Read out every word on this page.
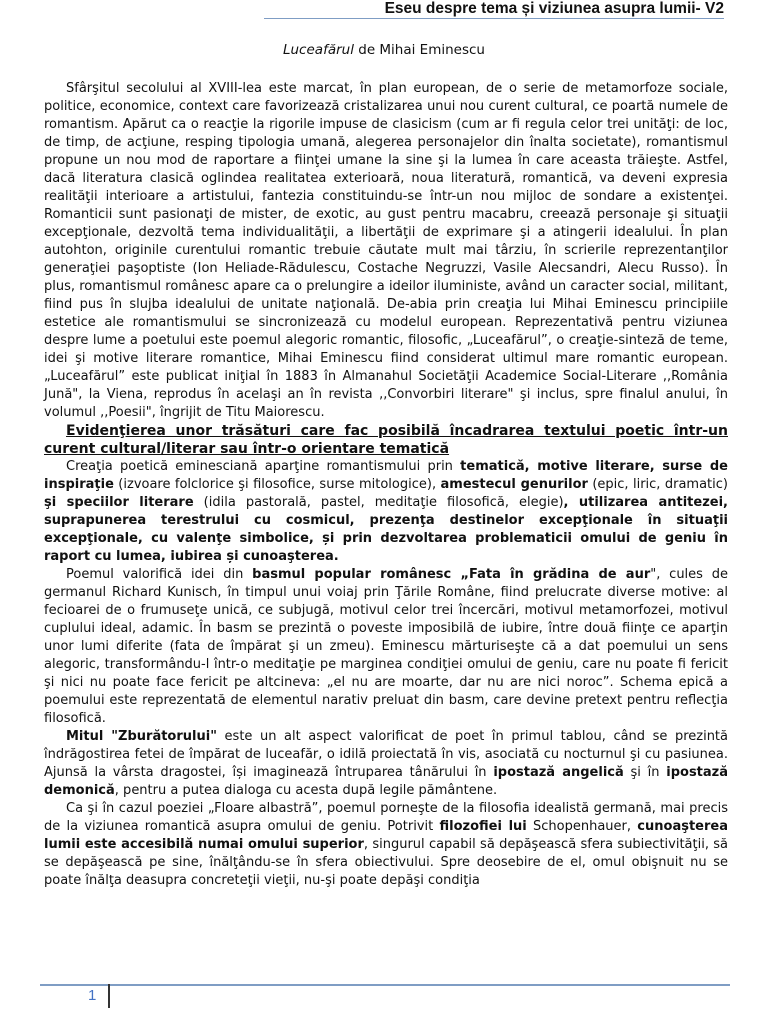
Eseu despre tema și viziunea asupra lumii- V2
Luceafărul de Mihai Eminescu

Sfârşitul secolului al XVIII-lea este marcat, în plan european, de o serie de metamorfoze sociale, politice, economice, context care favorizează cristalizarea unui nou curent cultural, ce poartă numele de romantism. Apărut ca o reacţie la rigorile impuse de clasicism (cum ar fi regula celor trei unităţi: de loc, de timp, de acţiune, resping tipologia umană, alegerea personajelor din înalta societate), romantismul propune un nou mod de raportare a fiinţei umane la sine şi la lumea în care aceasta trăieşte. Astfel, dacă literatura clasică oglindea realitatea exterioară, noua literatură, romantică, va deveni expresia realităţii interioare a artistului, fantezia constituindu-se într-un nou mijloc de sondare a existenţei. Romanticii sunt pasionaţi de mister, de exotic, au gust pentru macabru, creează personaje şi situaţii excepţionale, dezvoltă tema individualităţii, a libertăţii de exprimare şi a atingerii idealului. În plan autohton, originile curentului romantic trebuie căutate mult mai târziu, în scrierile reprezentanţilor generaţiei paşoptiste (Ion Heliade-Rădulescu, Costache Negruzzi, Vasile Alecsandri, Alecu Russo). În plus, romantismul românesc apare ca o prelungire a ideilor iluministe, având un caracter social, militant, fiind pus în slujba idealului de unitate naţională. De-abia prin creaţia lui Mihai Eminescu principiile estetice ale romantismului se sincronizează cu modelul european. Reprezentativă pentru viziunea despre lume a poetului este poemul alegoric romantic, filosofic, „Luceafărul”, o creaţie-sinteză de teme, idei şi motive literare romantice, Mihai Eminescu fiind considerat ultimul mare romantic european. „Luceafărul” este publicat iniţial în 1883 în Almanahul Societăţii Academice Social-Literare ,,România Jună", la Viena, reprodus în acelaşi an în revista ,,Convorbiri literare" şi inclus, spre finalul anului, în volumul ,,Poesii", îngrijit de Titu Maiorescu.

Evidenţierea unor trăsături care fac posibilă încadrarea textului poetic într-un curent cultural/literar sau într-o orientare tematică

Creaţia poetică eminesciană aparţine romantismului prin tematică, motive literare, surse de inspiraţie (izvoare folclorice şi filosofice, surse mitologice), amestecul genurilor (epic, liric, dramatic) şi speciilor literare (idila pastorală, pastel, meditaţie filosofică, elegie), utilizarea antitezei, suprapunerea terestrului cu cosmicul, prezenţa destinelor excepţionale în situaţii excepţionale, cu valenţe simbolice, și prin dezvoltarea problematicii omului de geniu în raport cu lumea, iubirea și cunoaşterea.

Poemul valorifică idei din basmul popular românesc „Fata în grădina de aur", cules de germanul Richard Kunisch, în timpul unui voiaj prin Ţările Române, fiind prelucrate diverse motive: al fecioarei de o frumuseţe unică, ce subjugă, motivul celor trei încercări, motivul metamorfozei, motivul cuplului ideal, adamic. În basm se prezintă o poveste imposibilă de iubire, între două fiinţe ce aparţin unor lumi diferite (fata de împărat şi un zmeu). Eminescu mărturiseşte că a dat poemului un sens alegoric, transformându-l într-o meditaţie pe marginea condiţiei omului de geniu, care nu poate fi fericit şi nici nu poate face fericit pe altcineva: „el nu are moarte, dar nu are nici noroc”. Schema epică a poemului este reprezentată de elementul narativ preluat din basm, care devine pretext pentru reflecţia filosofică.

Mitul "Zburătorului" este un alt aspect valorificat de poet în primul tablou, când se prezintă îndrăgostirea fetei de împărat de luceafăr, o idilă proiectată în vis, asociată cu nocturnul şi cu pasiunea. Ajunsă la vârsta dragostei, își imaginează întruparea tânărului în ipostază angelică şi în ipostază demonică, pentru a putea dialoga cu acesta după legile pământene.

Ca şi în cazul poeziei „Floare albastră”, poemul porneşte de la filosofia idealistă germană, mai precis de la viziunea romantică asupra omului de geniu. Potrivit filozofiei lui Schopenhauer, cunoaşterea lumii este accesibilă numai omului superior, singurul capabil să depăşească sfera subiectivităţii, să se depăşească pe sine, înălţându-se în sfera obiectivului. Spre deosebire de el, omul obişnuit nu se poate înălţa deasupra concreteţii vieţii, nu-şi poate depăşi condiţia

1
